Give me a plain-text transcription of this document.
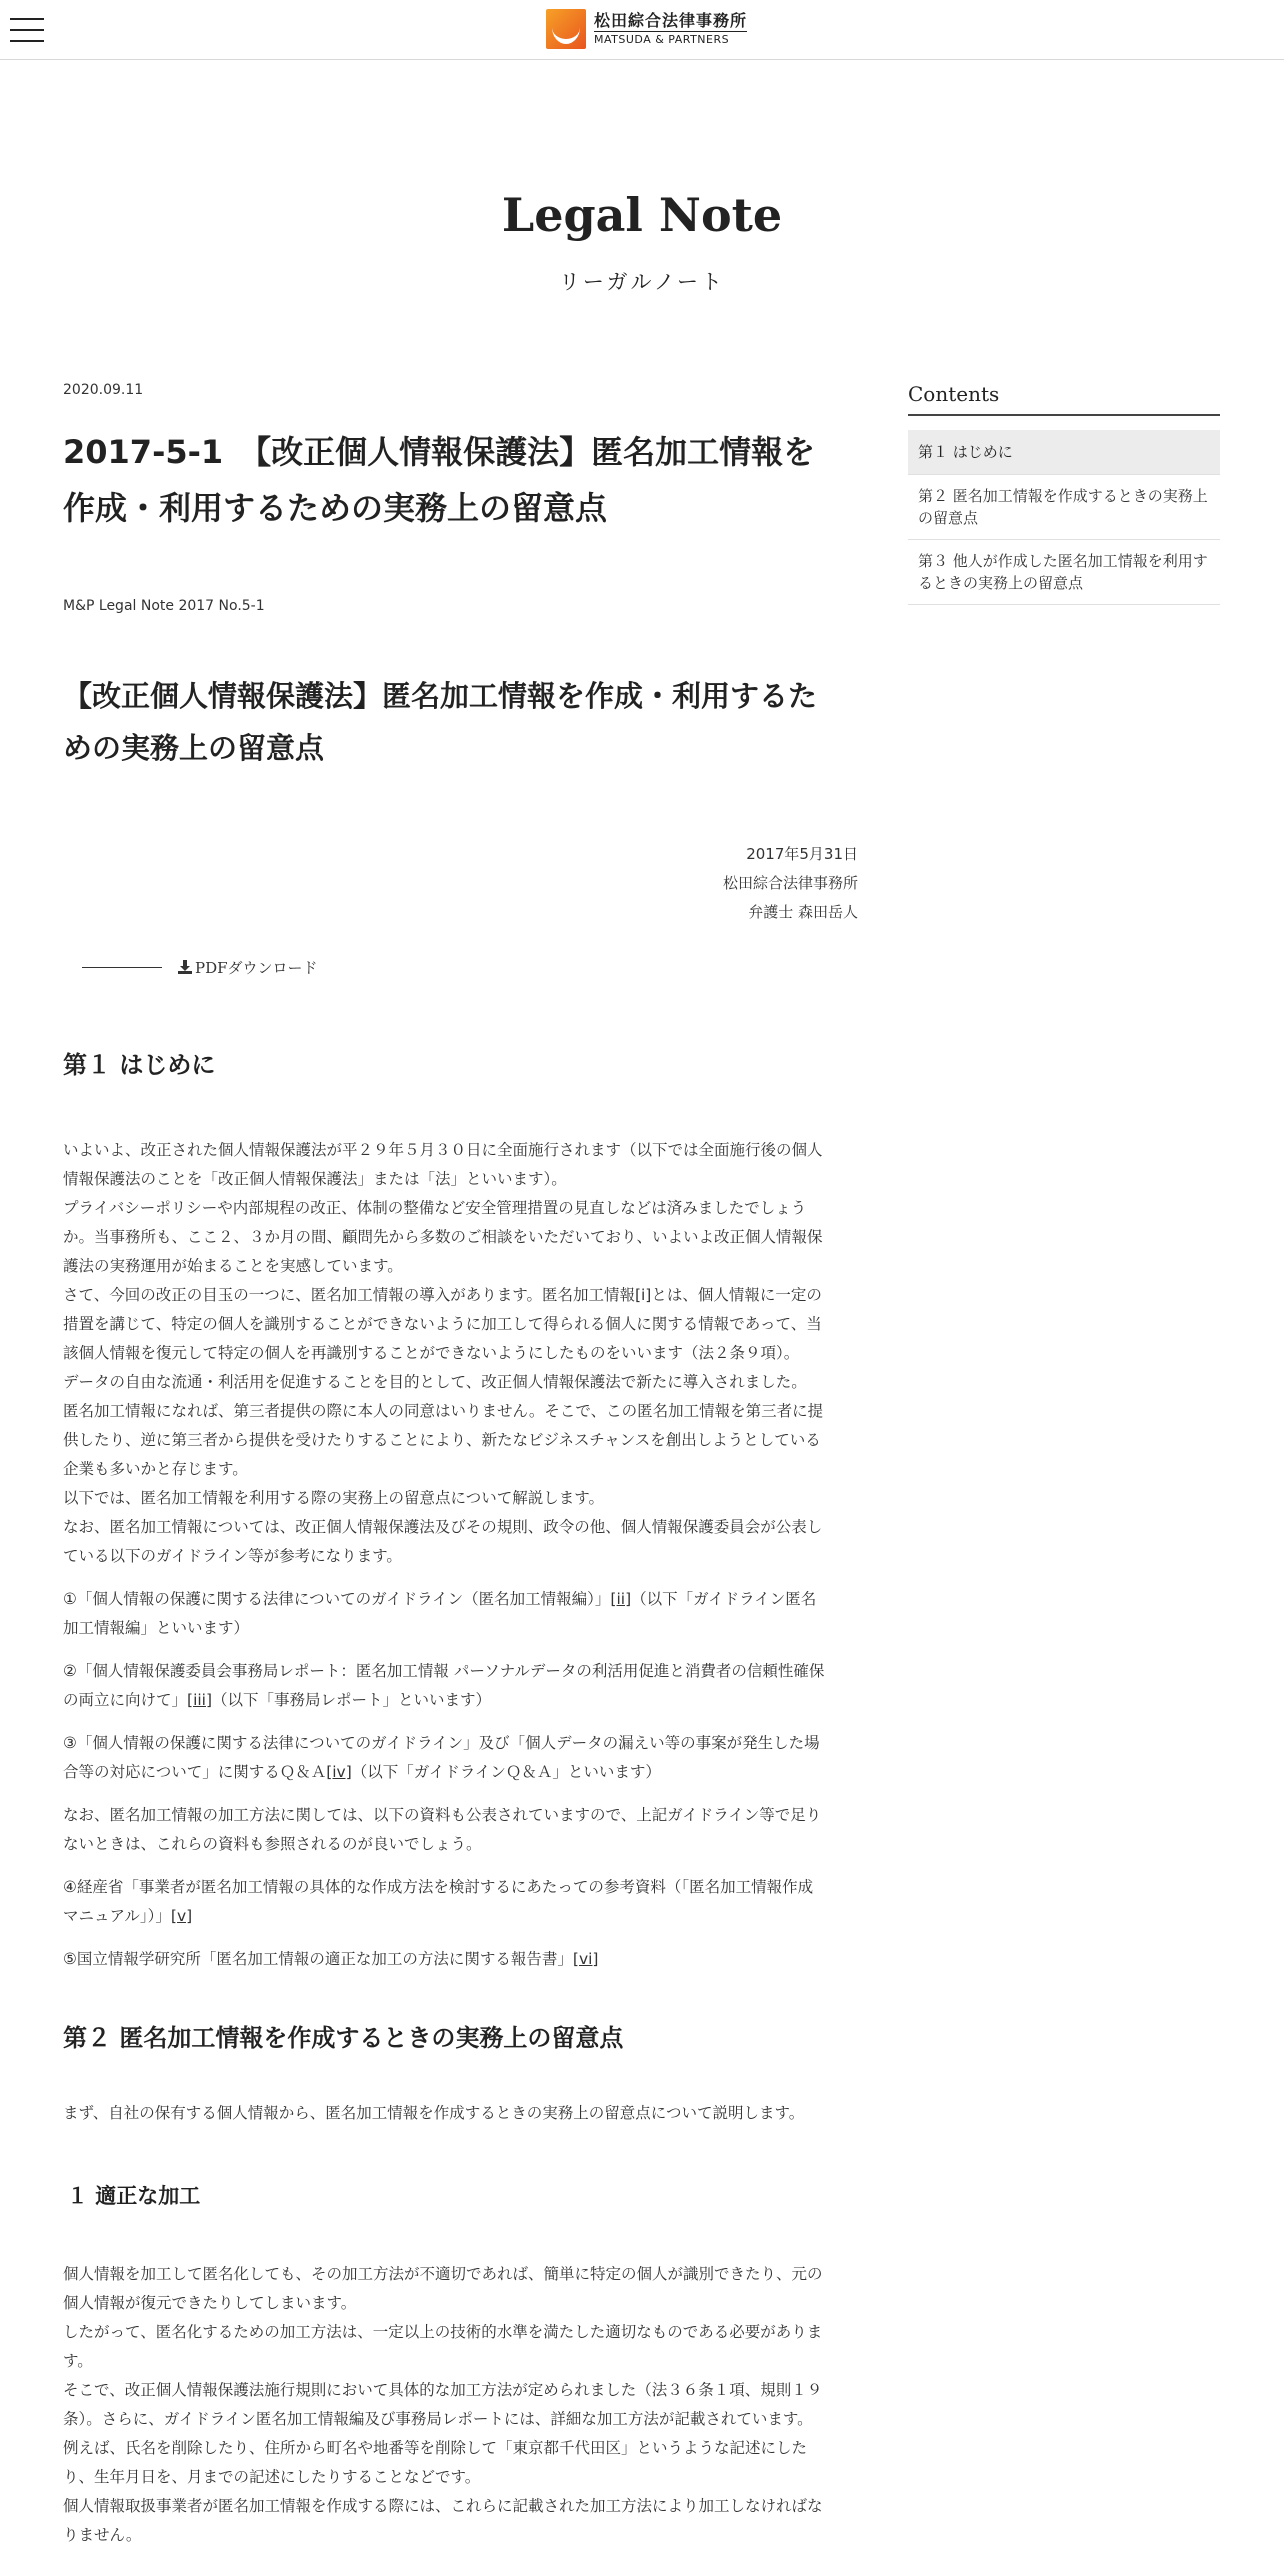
松田綜合法律事務所
MATSUDA & PARTNERS
Legal Note
リーガルノート
2020.09.11
2017-5-1　【改正個人情報保護法】匿名加工情報を
作成・利用するための実務上の留意点
M&P Legal Note 2017 No.5-1
【改正個人情報保護法】匿名加工情報を作成・利用するた
めの実務上の留意点
2017年5月31日
松田綜合法律事務所
弁護士 森田岳人
PDFダウンロード
第１ はじめに

いよいよ、改正された個人情報保護法が平２９年５月３０日に全面施行されます（以下では全面施行後の個人

情報保護法のことを「改正個人情報保護法」または「法」といいます）。

プライバシーポリシーや内部規程の改正、体制の整備など安全管理措置の見直しなどは済みましたでしょう

か。当事務所も、ここ２、３か月の間、顧問先から多数のご相談をいただいており、いよいよ改正個人情報保

護法の実務運用が始まることを実感しています。

さて、今回の改正の目玉の一つに、匿名加工情報の導入があります。匿名加工情報[i]とは、個人情報に一定の

措置を講じて、特定の個人を識別することができないように加工して得られる個人に関する情報であって、当

該個人情報を復元して特定の個人を再識別することができないようにしたものをいいます（法２条９項）。

データの自由な流通・利活用を促進することを目的として、改正個人情報保護法で新たに導入されました。

匿名加工情報になれば、第三者提供の際に本人の同意はいりません。そこで、この匿名加工情報を第三者に提

供したり、逆に第三者から提供を受けたりすることにより、新たなビジネスチャンスを創出しようとしている

企業も多いかと存じます。

以下では、匿名加工情報を利用する際の実務上の留意点について解説します。

なお、匿名加工情報については、改正個人情報保護法及びその規則、政令の他、個人情報保護委員会が公表し

ている以下のガイドライン等が参考になります。

①「個人情報の保護に関する法律についてのガイドライン（匿名加工情報編）」[ii]（以下「ガイドライン匿名
加工情報編」といいます）
②「個人情報保護委員会事務局レポート：匿名加工情報 パーソナルデータの利活用促進と消費者の信頼性確保
の両立に向けて」[iii]（以下「事務局レポート」といいます）
③「個人情報の保護に関する法律についてのガイドライン」及び「個人データの漏えい等の事案が発生した場
合等の対応について」に関するＱ＆Ａ[iv]（以下「ガイドラインＱ＆Ａ」といいます）
なお、匿名加工情報の加工方法に関しては、以下の資料も公表されていますので、上記ガイドライン等で足り
ないときは、これらの資料も参照されるのが良いでしょう。
④経産省「事業者が匿名加工情報の具体的な作成方法を検討するにあたっての参考資料（「匿名加工情報作成
マニュアル」）」[v]
⑤国立情報学研究所「匿名加工情報の適正な加工の方法に関する報告書」[vi]
第２ 匿名加工情報を作成するときの実務上の留意点
まず、自社の保有する個人情報から、匿名加工情報を作成するときの実務上の留意点について説明します。
１ 適正な加工

個人情報を加工して匿名化しても、その加工方法が不適切であれば、簡単に特定の個人が識別できたり、元の

個人情報が復元できたりしてしまいます。

したがって、匿名化するための加工方法は、一定以上の技術的水準を満たした適切なものである必要がありま

す。

そこで、改正個人情報保護法施行規則において具体的な加工方法が定められました（法３６条１項、規則１９

条）。さらに、ガイドライン匿名加工情報編及び事務局レポートには、詳細な加工方法が記載されています。

例えば、氏名を削除したり、住所から町名や地番等を削除して「東京都千代田区」というような記述にした

り、生年月日を、月までの記述にしたりすることなどです。

個人情報取扱事業者が匿名加工情報を作成する際には、これらに記載された加工方法により加工しなければな

りません。

Contents
第１ はじめに
第２ 匿名加工情報を作成するときの実務上の留意点
第３ 他人が作成した匿名加工情報を利用するときの実務上の留意点
